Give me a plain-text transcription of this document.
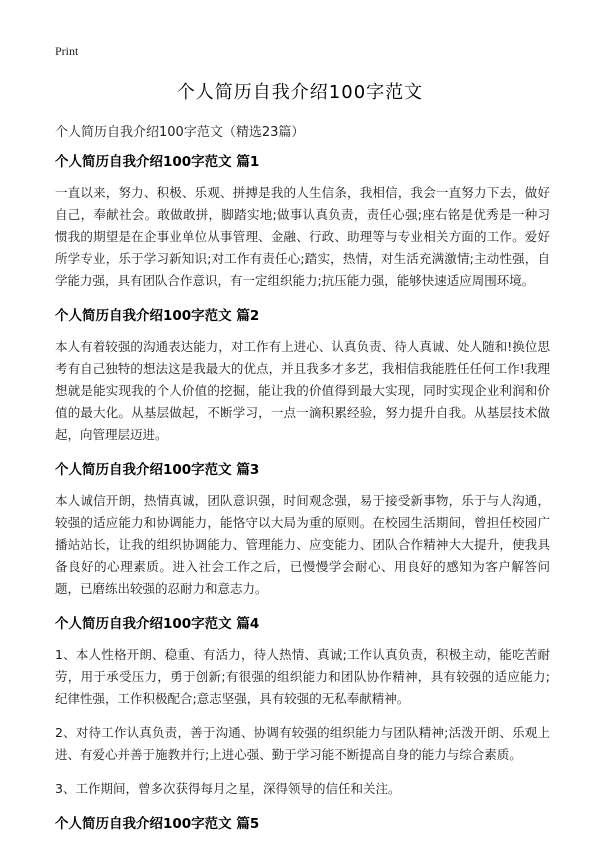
Print
个人简历自我介绍100字范文
个人简历自我介绍100字范文（精选23篇）
个人简历自我介绍100字范文 篇1

一直以来，努力、积极、乐观、拼搏是我的人生信条，我相信，我会一直努力下去，做好自己，奉献社会。敢做敢拼，脚踏实地;做事认真负责，责任心强;座右铭是优秀是一种习惯我的期望是在企事业单位从事管理、金融、行政、助理等与专业相关方面的工作。爱好所学专业，乐于学习新知识;对工作有责任心;踏实，热情，对生活充满激情;主动性强，自学能力强，具有团队合作意识，有一定组织能力;抗压能力强，能够快速适应周围环境。

个人简历自我介绍100字范文 篇2

本人有着较强的沟通表达能力，对工作有上进心、认真负责、待人真诚、处人随和!换位思考有自己独特的想法这是我最大的优点，并且我多才多艺，我相信我能胜任任何工作!我理想就是能实现我的个人价值的挖掘，能让我的价值得到最大实现，同时实现企业利润和价值的最大化。从基层做起，不断学习，一点一滴积累经验，努力提升自我。从基层技术做起，向管理层迈进。

个人简历自我介绍100字范文 篇3

本人诚信开朗，热情真诚，团队意识强，时间观念强，易于接受新事物，乐于与人沟通，较强的适应能力和协调能力，能恪守以大局为重的原则。在校园生活期间，曾担任校园广播站站长，让我的组织协调能力、管理能力、应变能力、团队合作精神大大提升，使我具备良好的心理素质。进入社会工作之后，已慢慢学会耐心、用良好的感知为客户解答问题，已磨练出较强的忍耐力和意志力。

个人简历自我介绍100字范文 篇4

1、本人性格开朗、稳重、有活力，待人热情、真诚;工作认真负责，积极主动，能吃苦耐劳，用于承受压力，勇于创新;有很强的组织能力和团队协作精神，具有较强的适应能力;纪律性强，工作积极配合;意志坚强，具有较强的无私奉献精神。

2、对待工作认真负责，善于沟通、协调有较强的组织能力与团队精神;活泼开朗、乐观上进、有爱心并善于施教并行;上进心强、勤于学习能不断提高自身的能力与综合素质。

3、工作期间，曾多次获得每月之星，深得领导的信任和关注。

个人简历自我介绍100字范文 篇5
